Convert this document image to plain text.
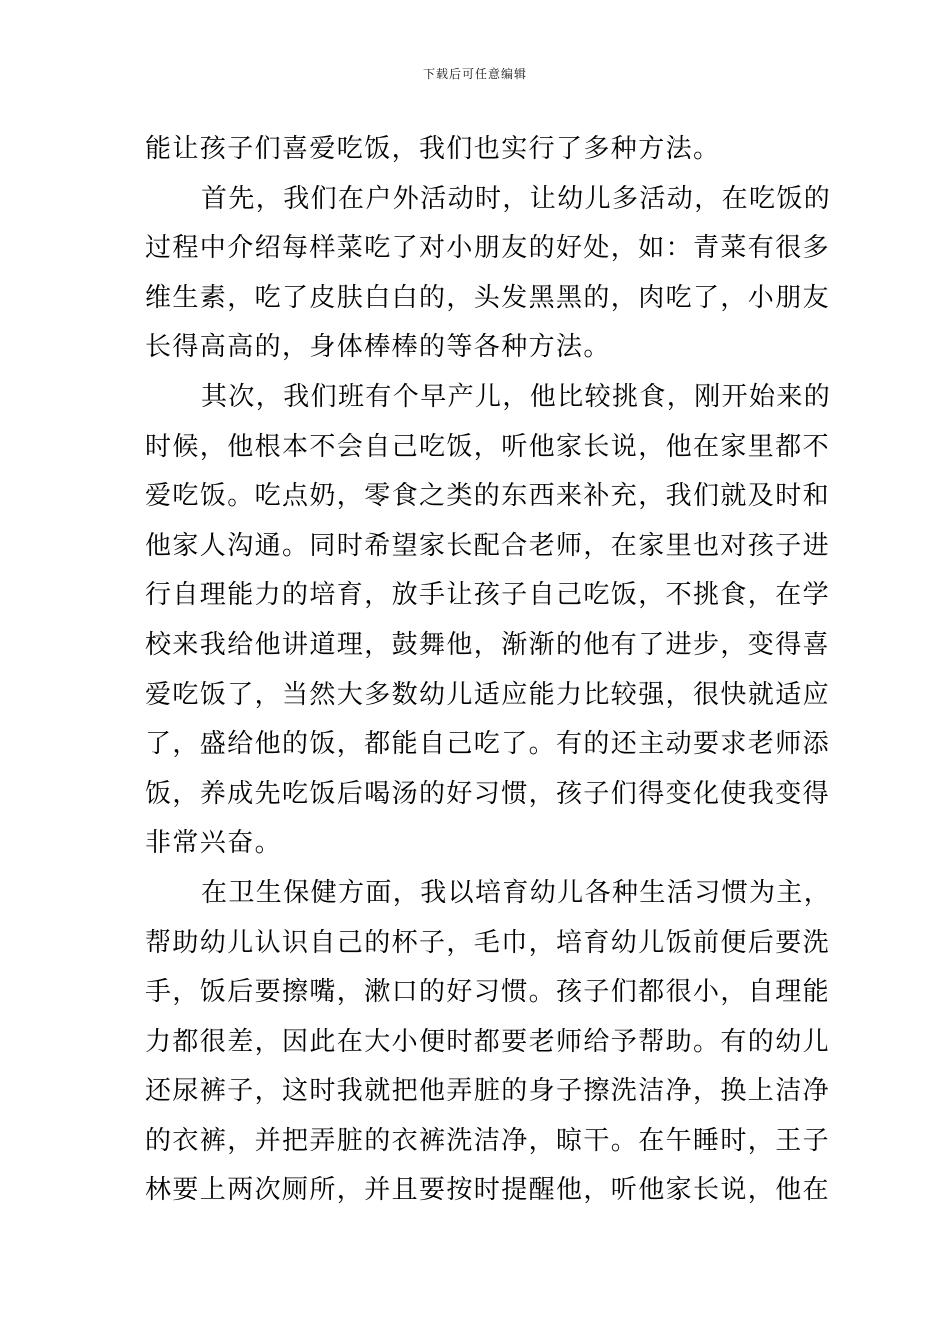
下载后可任意编辑
能让孩子们喜爱吃饭，我们也实行了多种方法。
首先，我们在户外活动时，让幼儿多活动，在吃饭的
过程中介绍每样菜吃了对小朋友的好处，如：青菜有很多
维生素，吃了皮肤白白的，头发黑黑的，肉吃了，小朋友
长得高高的，身体棒棒的等各种方法。
其次，我们班有个早产儿，他比较挑食，刚开始来的
时候，他根本不会自己吃饭，听他家长说，他在家里都不
爱吃饭。吃点奶，零食之类的东西来补充，我们就及时和
他家人沟通。同时希望家长配合老师，在家里也对孩子进
行自理能力的培育，放手让孩子自己吃饭，不挑食，在学
校来我给他讲道理，鼓舞他，渐渐的他有了进步，变得喜
爱吃饭了，当然大多数幼儿适应能力比较强，很快就适应
了，盛给他的饭，都能自己吃了。有的还主动要求老师添
饭，养成先吃饭后喝汤的好习惯，孩子们得变化使我变得
非常兴奋。
在卫生保健方面，我以培育幼儿各种生活习惯为主，
帮助幼儿认识自己的杯子，毛巾，培育幼儿饭前便后要洗
手，饭后要擦嘴，漱口的好习惯。孩子们都很小，自理能
力都很差，因此在大小便时都要老师给予帮助。有的幼儿
还尿裤子，这时我就把他弄脏的身子擦洗洁净，换上洁净
的衣裤，并把弄脏的衣裤洗洁净，晾干。在午睡时，王子
林要上两次厕所，并且要按时提醒他，听他家长说，他在
